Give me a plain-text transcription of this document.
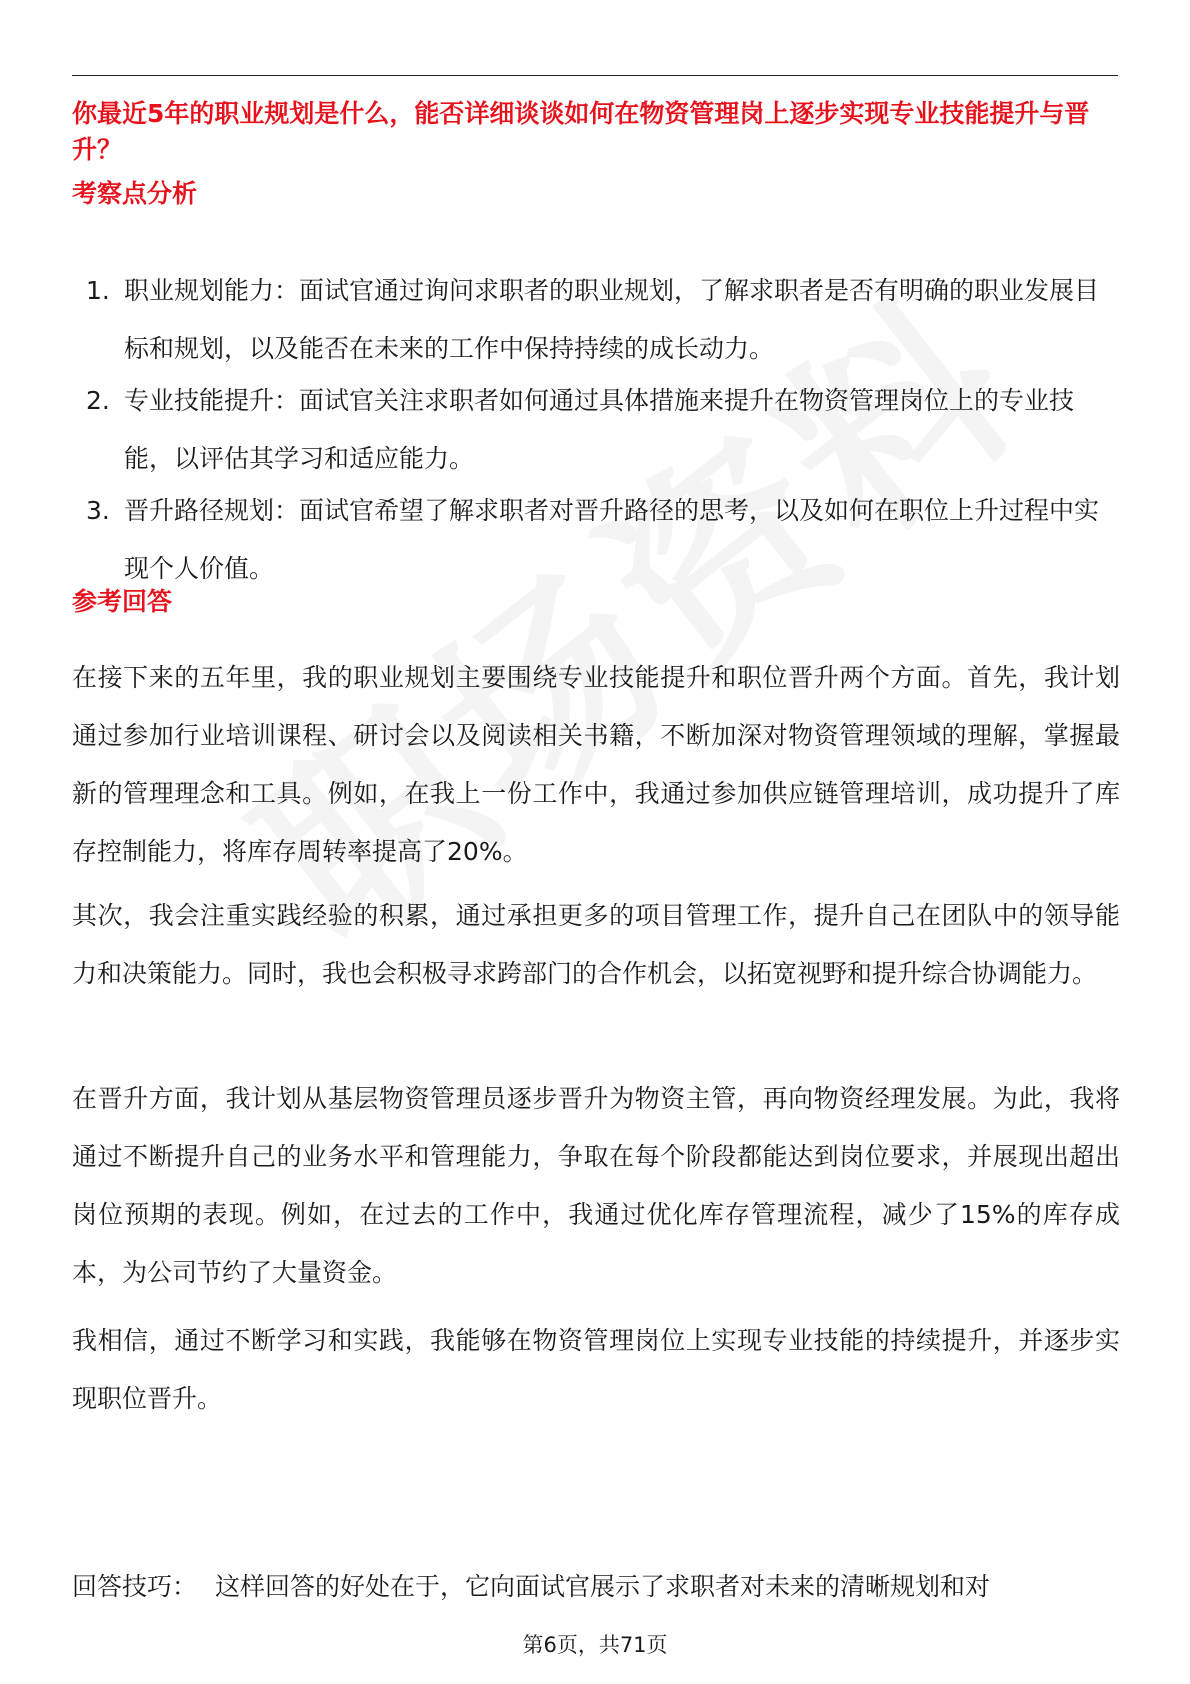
你最近5年的职业规划是什么，能否详细谈谈如何在物资管理岗上逐步实现专业技能提升与晋升？
考察点分析
1. 职业规划能力：面试官通过询问求职者的职业规划，了解求职者是否有明确的职业发展目标和规划，以及能否在未来的工作中保持持续的成长动力。
2. 专业技能提升：面试官关注求职者如何通过具体措施来提升在物资管理岗位上的专业技能，以评估其学习和适应能力。
3. 晋升路径规划：面试官希望了解求职者对晋升路径的思考，以及如何在职位上升过程中实现个人价值。
参考回答

在接下来的五年里，我的职业规划主要围绕专业技能提升和职位晋升两个方面。首先，我计划通过参加行业培训课程、研讨会以及阅读相关书籍，不断加深对物资管理领域的理解，掌握最新的管理理念和工具。例如，在我上一份工作中，我通过参加供应链管理培训，成功提升了库存控制能力，将库存周转率提高了20%。

其次，我会注重实践经验的积累，通过承担更多的项目管理工作，提升自己在团队中的领导能力和决策能力。同时，我也会积极寻求跨部门的合作机会，以拓宽视野和提升综合协调能力。

在晋升方面，我计划从基层物资管理员逐步晋升为物资主管，再向物资经理发展。为此，我将通过不断提升自己的业务水平和管理能力，争取在每个阶段都能达到岗位要求，并展现出超出岗位预期的表现。例如，在过去的工作中，我通过优化库存管理流程，减少了15%的库存成本，为公司节约了大量资金。

我相信，通过不断学习和实践，我能够在物资管理岗位上实现专业技能的持续提升，并逐步实现职位晋升。

回答技巧： 这样回答的好处在于，它向面试官展示了求职者对未来的清晰规划和对

第6页，共71页
